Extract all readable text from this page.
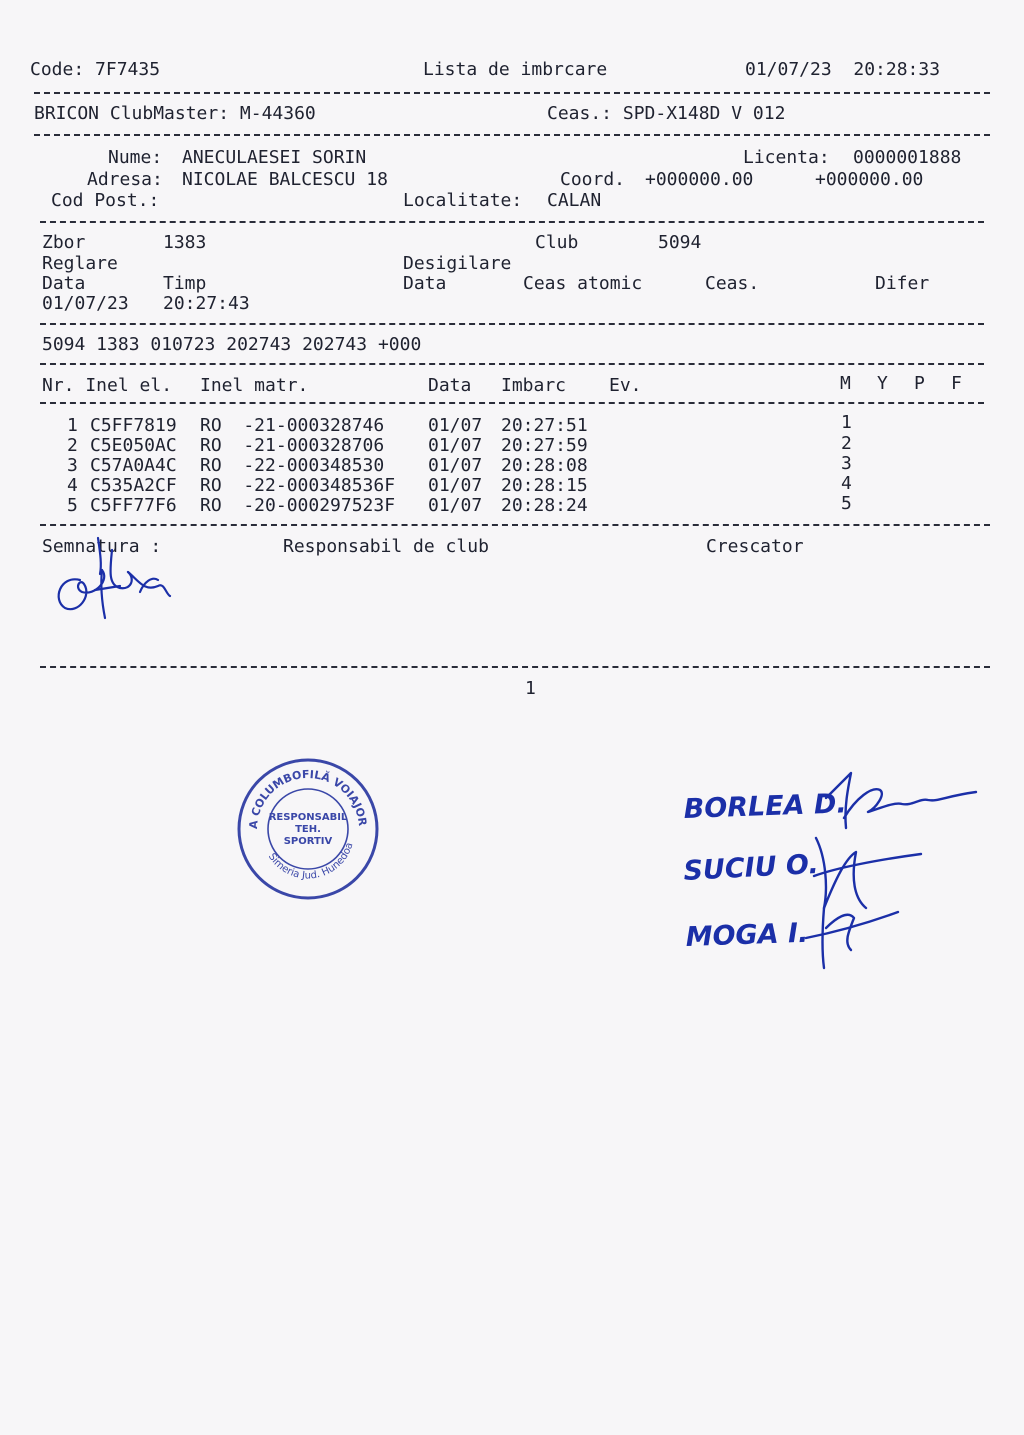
Code: 7F7435	Lista de imbrcare	01/07/23  20:28:33
BRICON ClubMaster: M-44360	Ceas.: SPD-X148D V 012
Nume: ANECULAESEI SORIN	Licenta: 0000001888
Adresa: NICOLAE BALCESCU 18	Coord. +000000.00	+000000.00
Cod Post.:	Localitate: CALAN
Zbor	1383	Club	5094
Reglare	Desigilare
Data	Timp	Data	Ceas atomic	Ceas.	Difer
01/07/23 20:27:43
5094 1383 010723 202743 202743 +000
Nr. Inel el. Inel matr.	Data Imbarc Ev.	M Y P F
1 C5FF7819 RO  -21-000328746 01/07 20:27:51	1
2 C5E050AC RO  -21-000328706 01/07 20:27:59	2
3 C57A0A4C RO  -22-000348530 01/07 20:28:08	3
4 C535A2CF RO  -22-000348536F 01/07 20:28:15	4
5 C5FF77F6 RO  -20-000297523F 01/07 20:28:24	5
Semnatura :	Responsabil de club	Crescator
1
A COLUMBOFILĂ VOIAJOR
Simeria Jud. Hunedoa
RESPONSABIL
TEH.
SPORTIV
BORLEA D.
SUCIU O.
MOGA I.
